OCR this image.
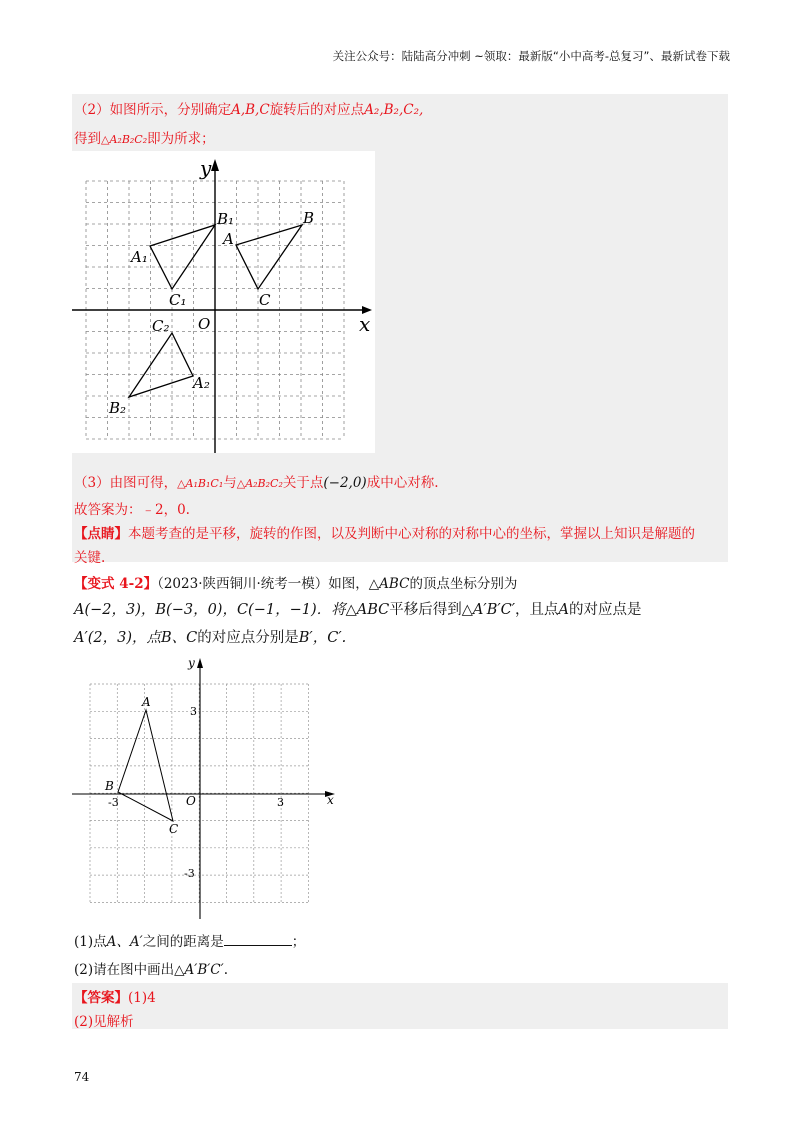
关注公众号：陆陆高分冲刺 ~领取：最新版“小中高考-总复习”、最新试卷下载
（2）如图所示，分别确定A,B,C旋转后的对应点A₂,B₂,C₂,
得到△A₂B₂C₂即为所求；
x
y
O
A
B
C
A₁
B₁
C₁
A₂
B₂
C₂
（3）由图可得，△A₁B₁C₁与△A₂B₂C₂关于点(−2,0)成中心对称.
故答案为：﹣2，0.
【点睛】本题考查的是平移，旋转的作图，以及判断中心对称的对称中心的坐标，掌握以上知识是解题的
关键.
【变式 4-2】（2023·陕西铜川·统考一模）如图，△ABC的顶点坐标分别为
A(−2，3)，B(−3，0)，C(−1，−1)．将△ABC平移后得到△A′B′C′，且点A的对应点是
A′(2，3)，点B、C的对应点分别是B′，C′.
x
y
O
-3	3
3
-3
A
B
C
(1)点A、A′之间的距离是	；
(2)请在图中画出△A′B′C′.
【答案】(1)4
(2)见解析
74
